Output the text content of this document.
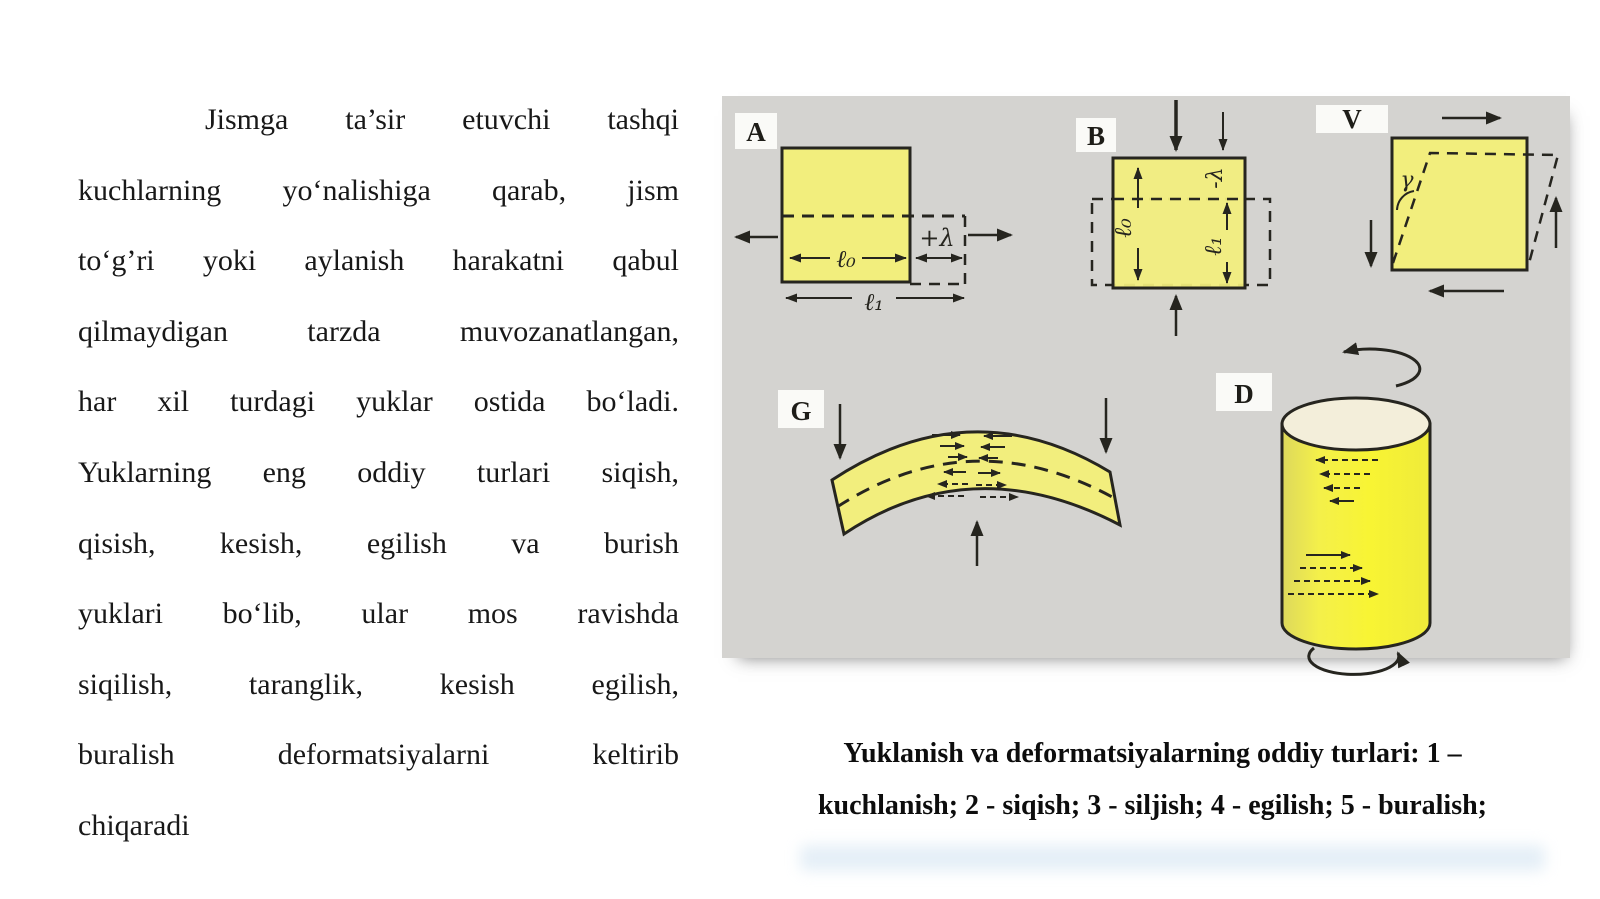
Jismga ta’sir etuvchi tashqi
kuchlarning yo‘nalishiga qarab, jism
to‘g’ri yoki aylanish harakatni qabul
qilmaydigan tarzda muvozanatlangan,
har xil turdagi yuklar ostida bo‘ladi.
Yuklarning eng oddiy turlari siqish,
qisish, kesish, egilish va burish
yuklari bo‘lib, ular mos ravishda
siqilish, taranglik, kesish egilish,
buralish deformatsiyalarni keltirib
chiqaradi
A
+λ
ℓ₀
ℓ₁
B
ℓ₀
-λ
ℓ₁
V
γ
G
D
Yuklanish va deformatsiyalarning oddiy turlari: 1 –
kuchlanish; 2 - siqish; 3 - siljish; 4 - egilish; 5 - buralish;
